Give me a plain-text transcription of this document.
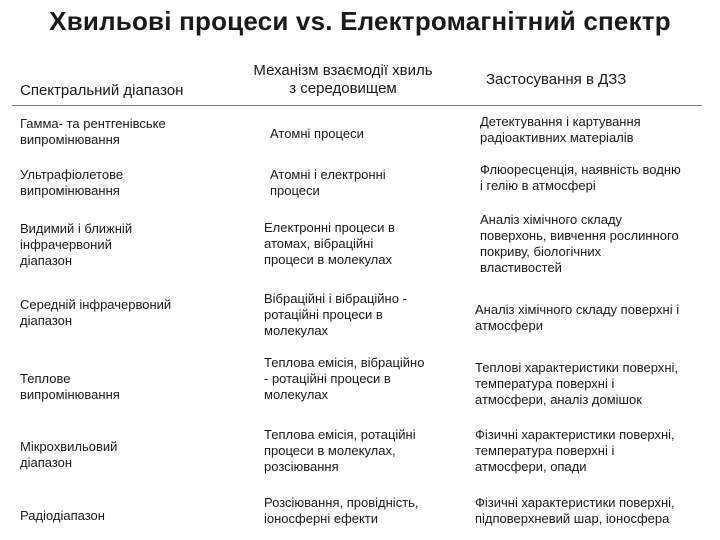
Хвильові процеси vs. Електромагнітний спектр
Спектральний діапазон
Механізм взаємодії хвиль
з середовищем
Застосування в ДЗЗ
Гамма- та рентгенівське
випромінювання	Атомні процеси
Детектування і картування
радіоактивних матеріалів
Ультрафіолетове
випромінювання
Атомні і електронні
процеси
Флюоресценція, наявність водню
і гелію в атмосфері
Видимий і ближній
інфрачервоний
діапазон
Електронні процеси в
атомах, вібраційні
процеси в молекулах
Аналіз хімічного складу
поверхонь, вивчення рослинного
покриву, біологічних
властивостей
Середній інфрачервоний
діапазон
Вібраційні і вібраційно -
ротаційні процеси в
молекулах
Аналіз хімічного складу поверхні і
атмосфери
Теплове
випромінювання
Теплова емісія, вібраційно
- ротаційні процеси в
молекулах
Теплові характеристики поверхні,
температура поверхні і
атмосфери, аналіз домішок
Мікрохвильовий
діапазон
Теплова емісія, ротаційні
процеси в молекулах,
розсіювання
Фізичні характеристики поверхні,
температура поверхні і
атмосфери, опади
Радіодіапазон
Розсіювання, провідність,
іоносферні ефекти
Фізичні характеристики поверхні,
підповерхневий шар, іоносфера
